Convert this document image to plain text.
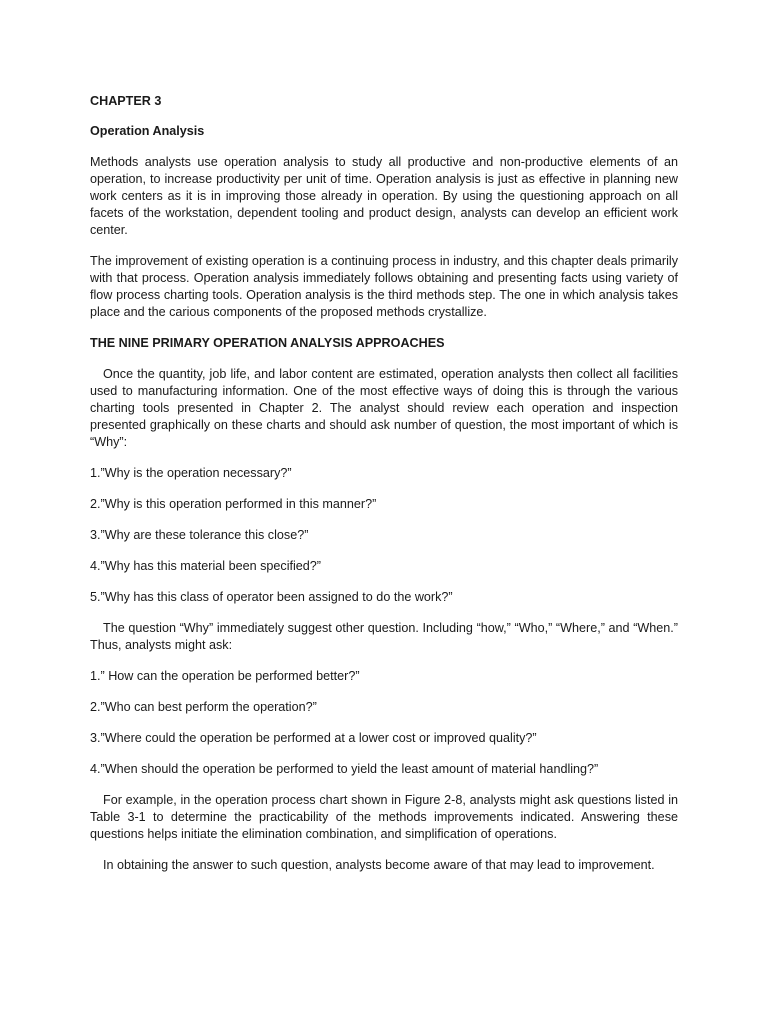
CHAPTER 3

Operation Analysis

Methods analysts use operation analysis to study all productive and non-productive elements of an operation, to increase productivity per unit of time. Operation analysis is just as effective in planning new work centers as it is in improving those already in operation. By using the questioning approach on all facets of the workstation, dependent tooling and product design, analysts can develop an efficient work center.

The improvement of existing operation is a continuing process in industry, and this chapter deals primarily with that process. Operation analysis immediately follows obtaining and presenting facts using variety of flow process charting tools. Operation analysis is the third methods step. The one in which analysis takes place and the carious components of the proposed methods crystallize.

THE NINE PRIMARY OPERATION ANALYSIS APPROACHES

Once the quantity, job life, and labor content are estimated, operation analysts then collect all facilities used to manufacturing information. One of the most effective ways of doing this is through the various charting tools presented in Chapter 2. The analyst should review each operation and inspection presented graphically on these charts and should ask number of question, the most important of which is “Why”:

1.”Why is the operation necessary?”

2.”Why is this operation performed in this manner?”

3.”Why are these tolerance this close?”

4.”Why has this material been specified?”

5.”Why has this class of operator been assigned to do the work?”

The question “Why” immediately suggest other question. Including “how,” “Who,” “Where,” and “When.” Thus, analysts might ask:

1.” How can the operation be performed better?”

2.”Who can best perform the operation?”

3.”Where could the operation be performed at a lower cost or improved quality?”

4.”When should the operation be performed to yield the least amount of material handling?”

For example, in the operation process chart shown in Figure 2-8, analysts might ask questions listed in Table 3-1 to determine the practicability of the methods improvements indicated. Answering these questions helps initiate the elimination combination, and simplification of operations.

In obtaining the answer to such question, analysts become aware of that may lead to improvement.
